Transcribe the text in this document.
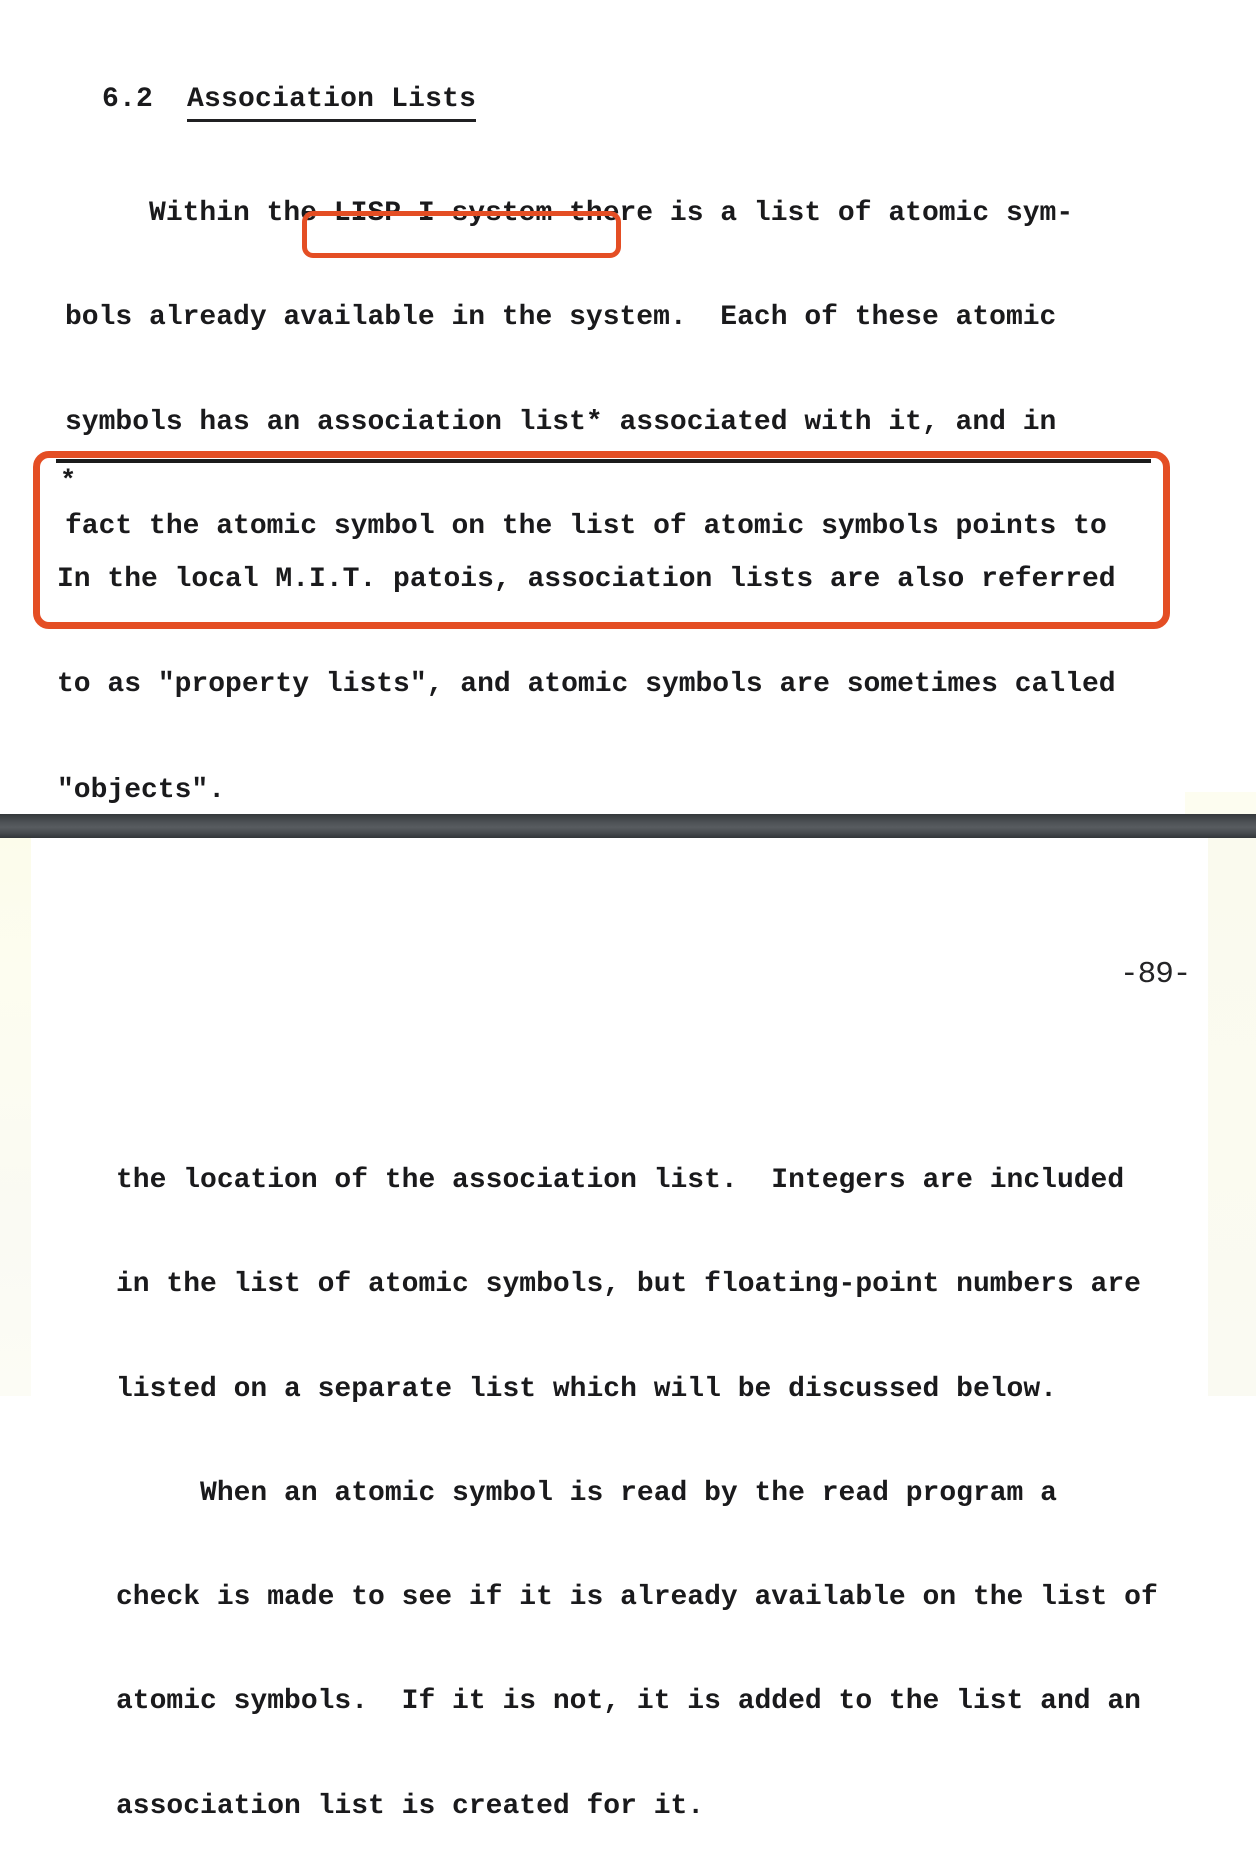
6.2 Association Lists

Within the LISP I system there is a list of atomic sym-

bols already available in the system.  Each of these atomic

symbols has an association list* associated with it, and in

fact the atomic symbol on the list of atomic symbols points to

*

In the local M.I.T. patois, association lists are also referred

to as "property lists", and atomic symbols are sometimes called

"objects".

-89-

the location of the association list.  Integers are included

in the list of atomic symbols, but floating-point numbers are

listed on a separate list which will be discussed below.

When an atomic symbol is read by the read program a

check is made to see if it is already available on the list of

atomic symbols.  If it is not, it is added to the list and an

association list is created for it.
